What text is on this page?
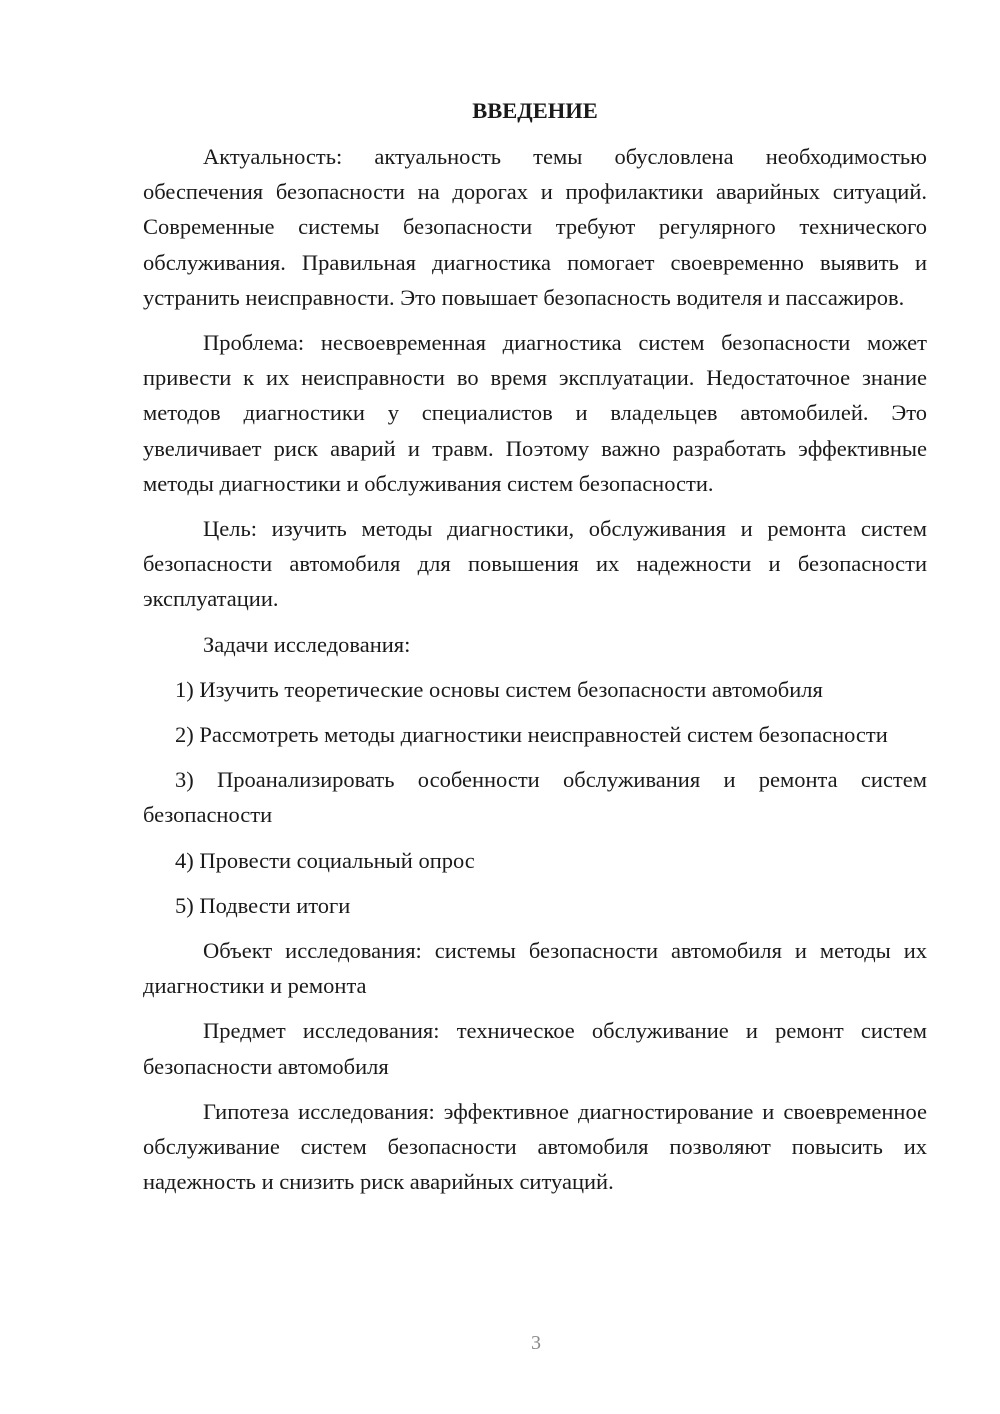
ВВЕДЕНИЕ

Актуальность: актуальность темы обусловлена необходимостью обеспечения безопасности на дорогах и профилактики аварийных ситуаций. Современные системы безопасности требуют регулярного технического обслуживания. Правильная диагностика помогает своевременно выявить и устранить неисправности. Это повышает безопасность водителя и пассажиров.

Проблема: несвоевременная диагностика систем безопасности может привести к их неисправности во время эксплуатации. Недостаточное знание методов диагностики у специалистов и владельцев автомобилей. Это увеличивает риск аварий и травм. Поэтому важно разработать эффективные методы диагностики и обслуживания систем безопасности.

Цель: изучить методы диагностики, обслуживания и ремонта систем безопасности автомобиля для повышения их надежности и безопасности эксплуатации.

Задачи исследования:

1) Изучить теоретические основы систем безопасности автомобиля

2) Рассмотреть методы диагностики неисправностей систем безопасности

3) Проанализировать особенности обслуживания и ремонта систем безопасности

4) Провести социальный опрос

5) Подвести итоги

Объект исследования: системы безопасности автомобиля и методы их диагностики и ремонта

Предмет исследования: техническое обслуживание и ремонт систем безопасности автомобиля

Гипотеза исследования: эффективное диагностирование и своевременное обслуживание систем безопасности автомобиля позволяют повысить их надежность и снизить риск аварийных ситуаций.

3
